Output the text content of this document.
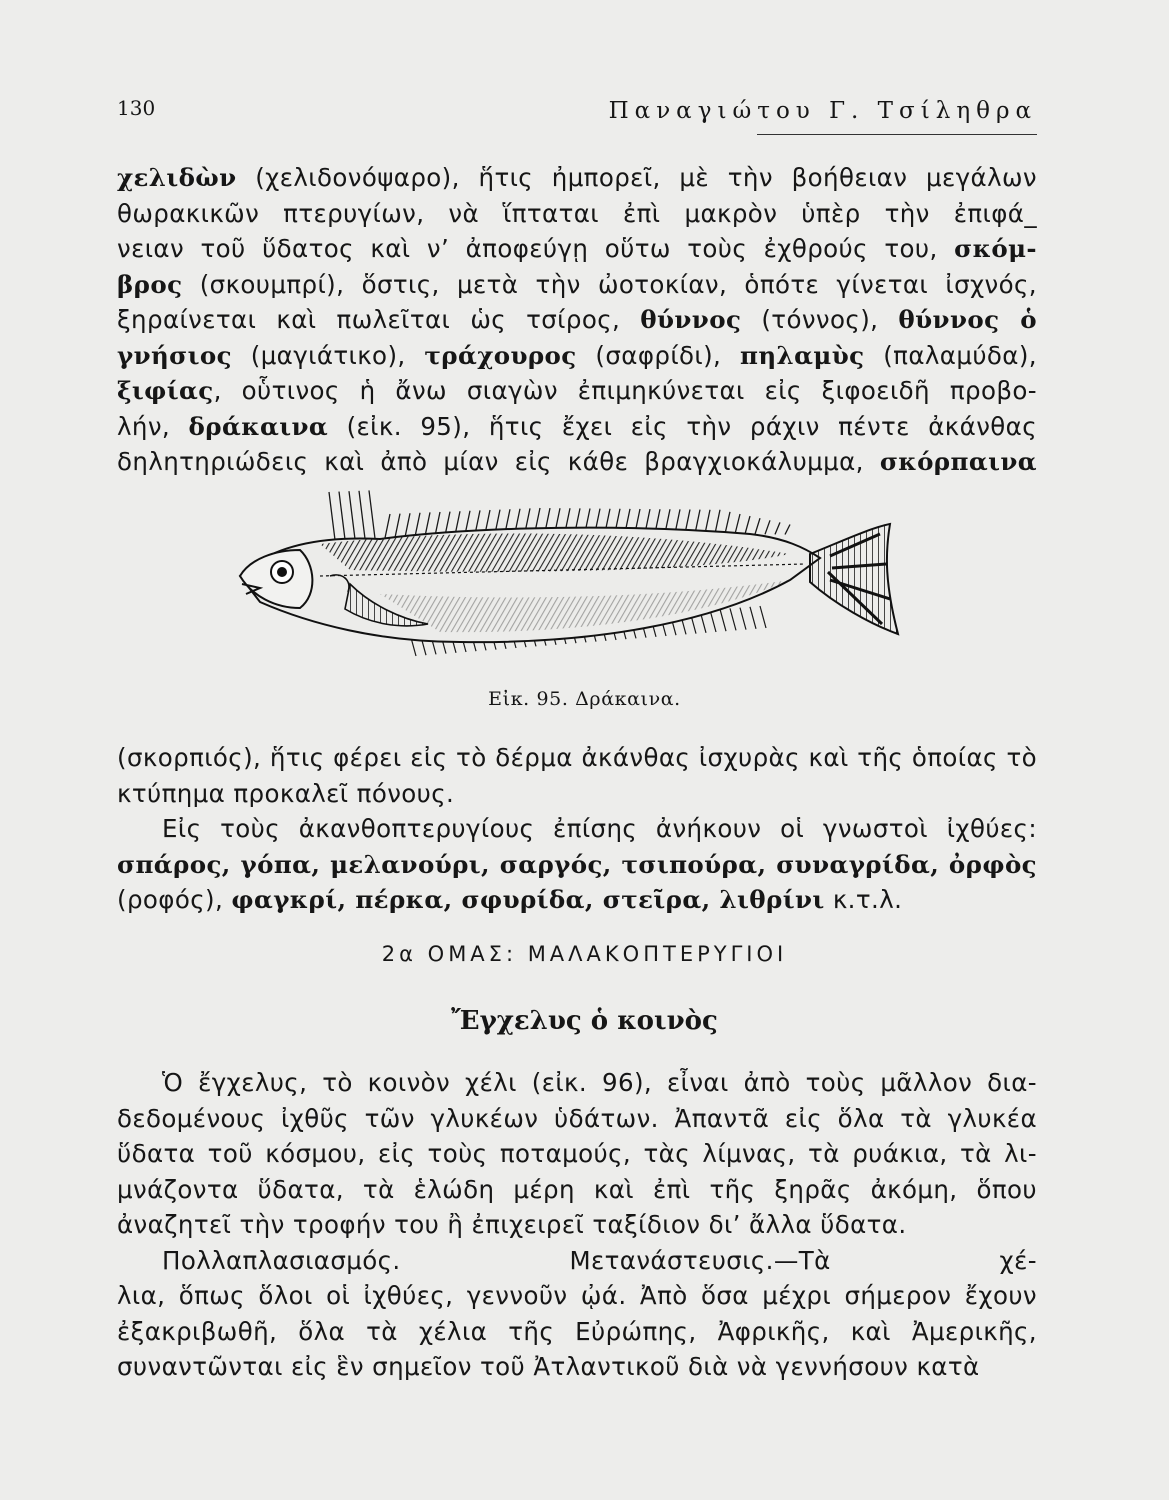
130	Παναγιώτου Γ. Τσίληθρα
χελιδὼν (χελιδονόψαρο), ἥτις ἠμπορεῖ, μὲ τὴν βοήθειαν μεγάλων
θωρακικῶν πτερυγίων, νὰ ἵπταται ἐπὶ μακρὸν ὑπὲρ τὴν ἐπιφά_
νειαν τοῦ ὕδατος καὶ ν’ ἀποφεύγῃ οὕτω τοὺς ἐχθρούς του, σκόμ-
βρος (σκουμπρί), ὅστις, μετὰ τὴν ὠοτοκίαν, ὁπότε γίνεται ἰσχνός,
ξηραίνεται καὶ πωλεῖται ὡς τσίρος, θύννος (τόννος), θύννος ὁ
γνήσιος (μαγιάτικο), τράχουρος (σαφρίδι), πηλαμὺς (παλαμύδα),
ξιφίας, οὗτινος ἡ ἄνω σιαγὼν ἐπιμηκύνεται εἰς ξιφοειδῆ προβο-
λήν, δράκαινα (εἰκ. 95), ἥτις ἔχει εἰς τὴν ράχιν πέντε ἀκάνθας
δηλητηριώδεις καὶ ἀπὸ μίαν εἰς κάθε βραγχιοκάλυμμα, σκόρπαινα
Εἰκ. 95. Δράκαινα.
(σκορπιός), ἥτις φέρει εἰς τὸ δέρμα ἀκάνθας ἰσχυρὰς καὶ τῆς ὁποίας τὸ
κτύπημα προκαλεῖ πόνους.
Εἰς τοὺς ἀκανθοπτερυγίους ἐπίσης ἀνήκουν οἱ γνωστοὶ ἰχθύες:
σπάρος, γόπα, μελανούρι, σαργός, τσιπούρα, συναγρίδα, ὀρφὸς
(ροφός), φαγκρί, πέρκα, σφυρίδα, στεῖρα, λιθρίνι κ.τ.λ.
2α ΟΜΑΣ: ΜΑΛΑΚΟΠΤΕΡΥΓΙΟΙ
Ἔγχελυς ὁ κοινὸς
Ὁ ἔγχελυς, τὸ κοινὸν χέλι (εἰκ. 96), εἶναι ἀπὸ τοὺς μᾶλλον δια-
δεδομένους ἰχθῦς τῶν γλυκέων ὑδάτων. Ἀπαντᾶ εἰς ὅλα τὰ γλυκέα
ὕδατα τοῦ κόσμου, εἰς τοὺς ποταμούς, τὰς λίμνας, τὰ ρυάκια, τὰ λι-
μνάζοντα ὕδατα, τὰ ἑλώδη μέρη καὶ ἐπὶ τῆς ξηρᾶς ἀκόμη, ὅπου
ἀναζητεῖ τὴν τροφήν του ἢ ἐπιχειρεῖ ταξίδιον δι’ ἄλλα ὕδατα.
Πολλαπλασιασμός. Μετανάστευσις.—Τὰ χέ-
λια, ὅπως ὅλοι οἱ ἰχθύες, γεννοῦν ᾠά. Ἀπὸ ὅσα μέχρι σήμερον ἔχουν
ἐξακριβωθῆ, ὅλα τὰ χέλια τῆς Εὐρώπης, Ἀφρικῆς, καὶ Ἀμερικῆς,
συναντῶνται εἰς ἓν σημεῖον τοῦ Ἀτλαντικοῦ διὰ νὰ γεννήσουν κατὰ
